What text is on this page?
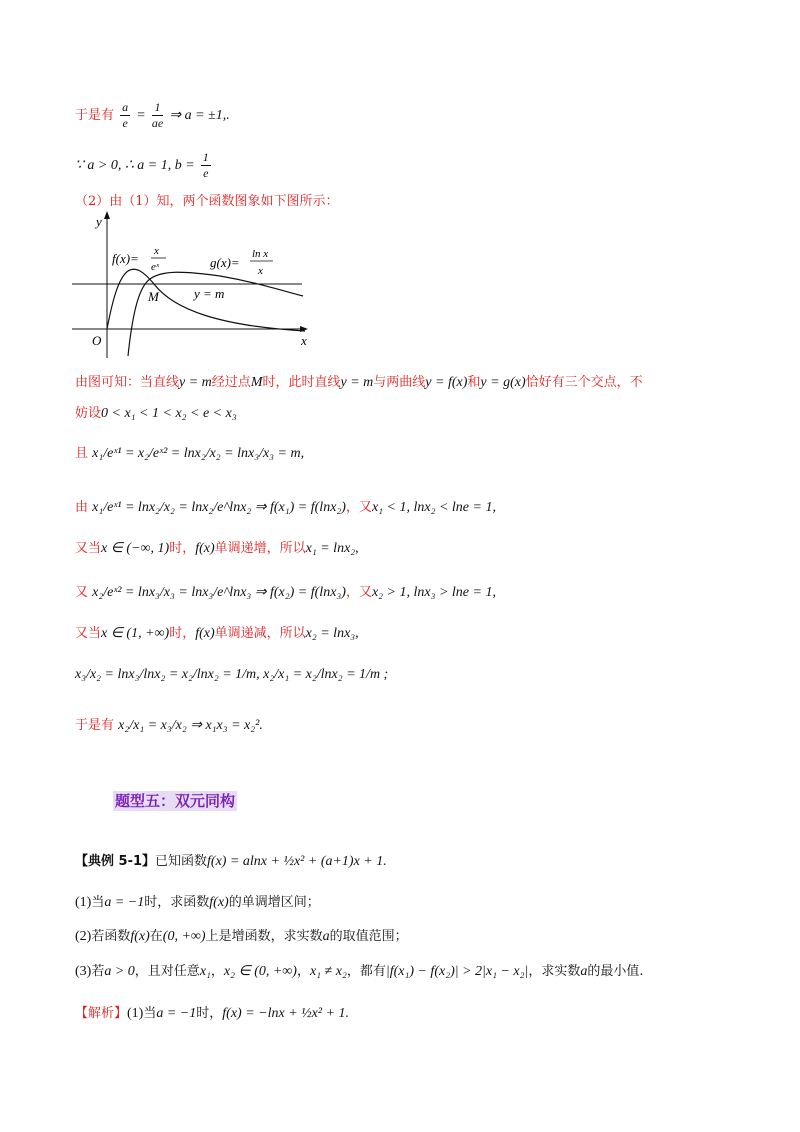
于是有 $\frac{a}{e} = \frac{1}{ae}$ ⇒ a = ±1,.
∵ a > 0, ∴ a = 1, $b = \frac{1}{e}$
（2）由（1）知，两个函数图象如下图所示：
y
x
O
M
f(x)= x
eˣ	g(x)=
ln x
x
y = m
由图可知：当直线y = m经过点M时，此时直线y = m与两曲线y = f(x)和y = g(x)恰好有三个交点，不
妨设0 < x₁ < 1 < x₂ < e < x₃
且 x₁/eˣ¹ = x₂/eˣ² = lnx₂/x₂ = lnx₃/x₃ = m,
由 x₁/eˣ¹ = lnx₂/x₂ = lnx₂/e^lnx₂ ⇒ f(x₁) = f(lnx₂)，又x₁ < 1, lnx₂ < lne = 1,
又当x ∈ (−∞, 1)时，f(x)单调递增，所以x₁ = lnx₂,
又 x₂/eˣ² = lnx₃/x₃ = lnx₃/e^lnx₃ ⇒ f(x₂) = f(lnx₃)，又x₂ > 1, lnx₃ > lne = 1,
又当x ∈ (1, +∞)时，f(x)单调递减，所以x₂ = lnx₃,
x₃/x₂ = lnx₃/lnx₂ = x₂/lnx₂ = 1/m, x₂/x₁ = x₂/lnx₂ = 1/m ;
于是有 x₂/x₁ = x₃/x₂ ⇒ x₁x₃ = x₂².
题型五：双元同构
【典例 5-1】已知函数f(x) = alnx + ½x² + (a+1)x + 1.
(1)当a = −1时，求函数f(x)的单调增区间；
(2)若函数f(x)在(0, +∞)上是增函数，求实数a的取值范围；
(3)若a > 0，且对任意x₁，x₂ ∈ (0, +∞)，x₁ ≠ x₂，都有|f(x₁) − f(x₂)| > 2|x₁ − x₂|，求实数a的最小值.
【解析】(1)当a = −1时，f(x) = −lnx + ½x² + 1.
